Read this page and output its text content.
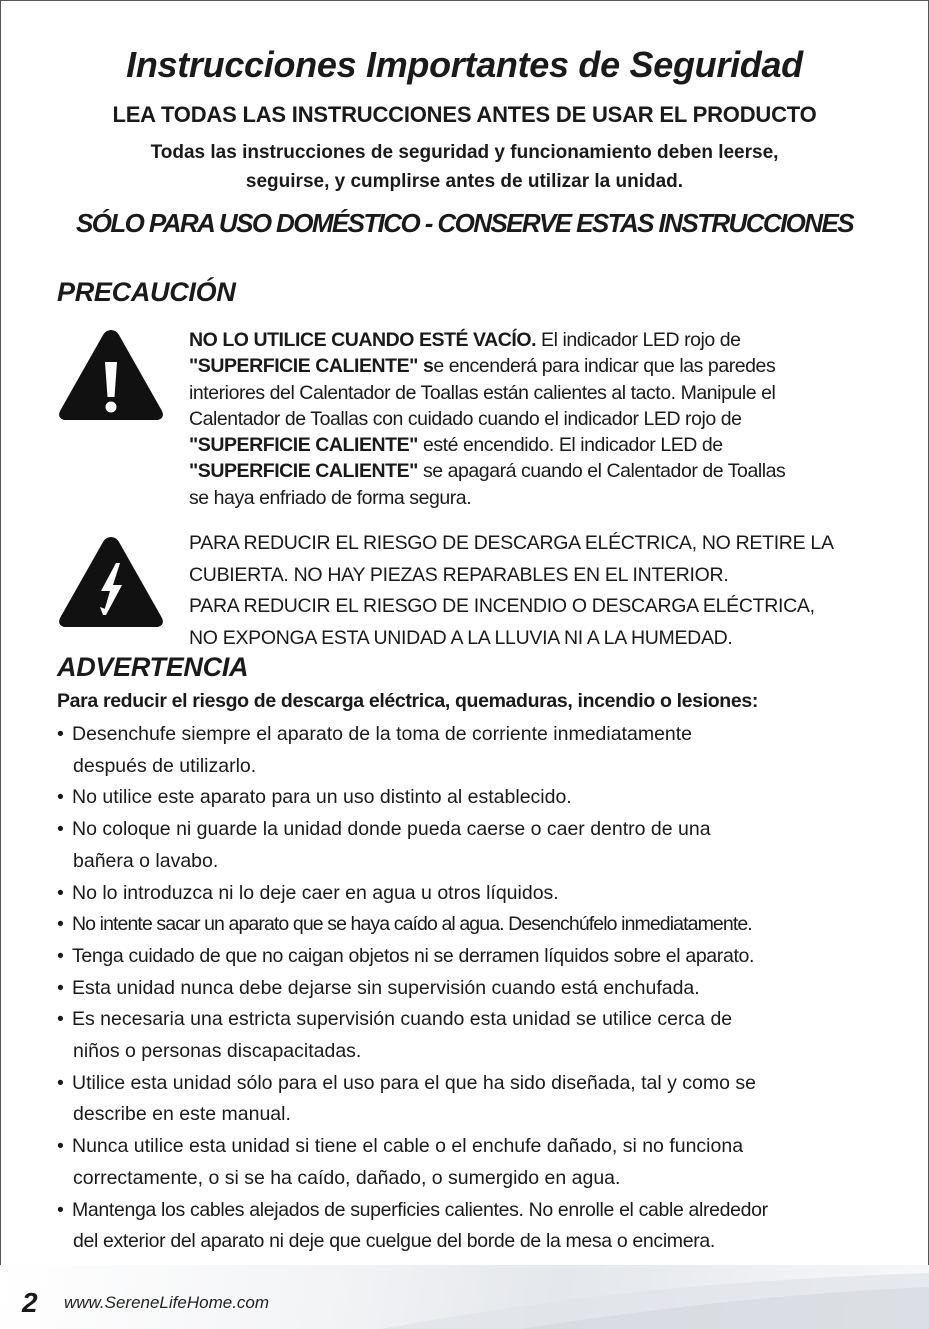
Instrucciones Importantes de Seguridad
LEA TODAS LAS INSTRUCCIONES ANTES DE USAR EL PRODUCTO
Todas las instrucciones de seguridad y funcionamiento deben leerse,
seguirse, y cumplirse antes de utilizar la unidad.
SÓLO PARA USO DOMÉSTICO - CONSERVE ESTAS INSTRUCCIONES
PRECAUCIÓN
NO LO UTILICE CUANDO ESTÉ VACÍO. El indicador LED rojo de
"SUPERFICIE CALIENTE" se encenderá para indicar que las paredes
interiores del Calentador de Toallas están calientes al tacto. Manipule el
Calentador de Toallas con cuidado cuando el indicador LED rojo de
"SUPERFICIE CALIENTE" esté encendido. El indicador LED de
"SUPERFICIE CALIENTE" se apagará cuando el Calentador de Toallas
se haya enfriado de forma segura.
PARA REDUCIR EL RIESGO DE DESCARGA ELÉCTRICA, NO RETIRE LA
CUBIERTA. NO HAY PIEZAS REPARABLES EN EL INTERIOR.
PARA REDUCIR EL RIESGO DE INCENDIO O DESCARGA ELÉCTRICA,
NO EXPONGA ESTA UNIDAD A LA LLUVIA NI A LA HUMEDAD.
ADVERTENCIA
Para reducir el riesgo de descarga eléctrica, quemaduras, incendio o lesiones:
• Desenchufe siempre el aparato de la toma de corriente inmediatamente
después de utilizarlo.
• No utilice este aparato para un uso distinto al establecido.
• No coloque ni guarde la unidad donde pueda caerse o caer dentro de una
bañera o lavabo.
• No lo introduzca ni lo deje caer en agua u otros líquidos.
• No intente sacar un aparato que se haya caído al agua. Desenchúfelo inmediatamente.
• Tenga cuidado de que no caigan objetos ni se derramen líquidos sobre el aparato.
• Esta unidad nunca debe dejarse sin supervisión cuando está enchufada.
• Es necesaria una estricta supervisión cuando esta unidad se utilice cerca de
niños o personas discapacitadas.
• Utilice esta unidad sólo para el uso para el que ha sido diseñada, tal y como se
describe en este manual.
• Nunca utilice esta unidad si tiene el cable o el enchufe dañado, si no funciona
correctamente, o si se ha caído, dañado, o sumergido en agua.
• Mantenga los cables alejados de superficies calientes. No enrolle el cable alrededor
del exterior del aparato ni deje que cuelgue del borde de la mesa o encimera.
2 www.SereneLifeHome.com
